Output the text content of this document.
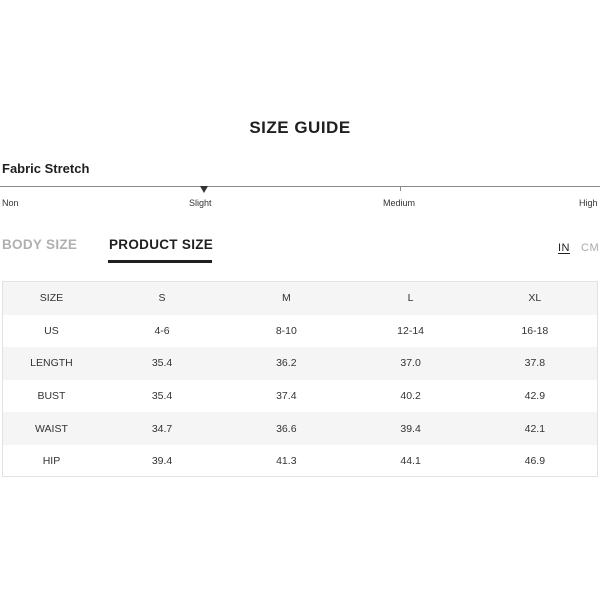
SIZE GUIDE
Fabric Stretch
Non	Slight	Medium	High
BODY SIZE PRODUCT SIZE	IN CM
SIZE	S	M	L	XL
US	4-6	8-10	12-14	16-18
LENGTH	35.4	36.2	37.0	37.8
BUST	35.4	37.4	40.2	42.9
WAIST	34.7	36.6	39.4	42.1
HIP	39.4	41.3	44.1	46.9
